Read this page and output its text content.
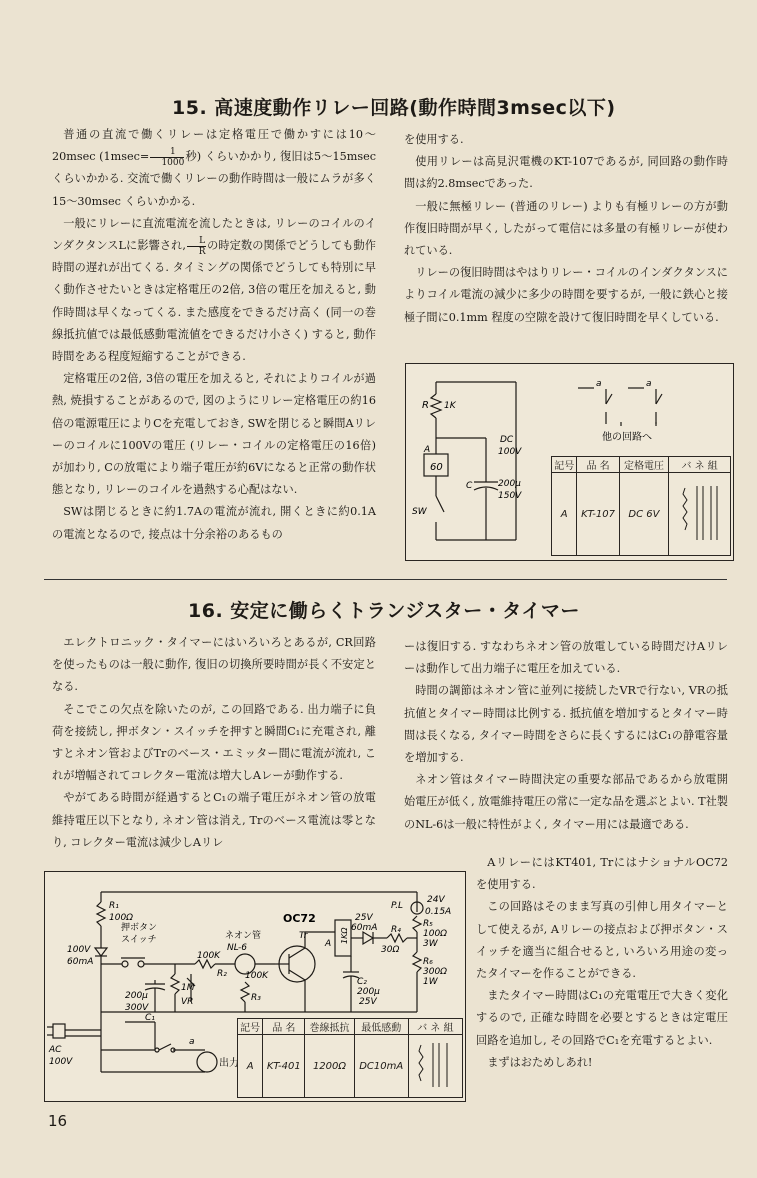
15. 高速度動作リレー回路(動作時間3msec以下)

普通の直流で働くリレーは定格電圧で働かすには10～20msec ($1msec= \frac{1}{1000}$ 秒) くらいかかり, 復旧は5～15msec くらいかかる. 交流で働くリレーの動作時間は一般にムラが多く15～30msec くらいかかる.

一般にリレーに直流電流を流したときは, リレーのコイルのインダクタンスLに影響され, $\frac{L}{R}$ の時定数の関係でどうしても動作時間の遅れが出てくる. タイミングの関係でどうしても特別に早く動作させたいときは定格電圧の2倍, 3倍の電圧を加えると, 動作時間は早くなってくる. また感度をできるだけ高く (同一の巻線抵抗値では最低感動電流値をできるだけ小さく) すると, 動作時間をある程度短縮することができる.

定格電圧の2倍, 3倍の電圧を加えると, それによりコイルが過熱, 焼損することがあるので, 図のようにリレー定格電圧の約16倍の電源電圧によりCを充電しておき, SWを閉じると瞬間Aリレーのコイルに100Vの電圧 (リレー・コイルの定格電圧の16倍) が加わり, Cの放電により端子電圧が約6Vになると正常の動作状態となり, リレーのコイルを過熱する心配はない.

SWは閉じるときに約1.7Aの電流が流れ, 開くときに約0.1Aの電流となるので, 接点は十分余裕のあるもの

を使用する.

使用リレーは高見沢電機のKT-107であるが, 同回路の動作時間は約2.8msecであった.

一般に無極リレー (普通のリレー) よりも有極リレーの方が動作復旧時間が早く, したがって電信には多量の有極リレーが使われている.

リレーの復旧時間はやはりリレー・コイルのインダクタンスによりコイル電流の減少に多少の時間を要するが, 一般に鉄心と接極子間に0.1mm 程度の空隙を設けて復旧時間を早くしている.

R 1K
DC
100V
A
60
C	200μ
150V
SW
a	a
他の回路へ
記号	品 名	定格電圧	バ ネ 組
A	KT-107	DC 6V	
16. 安定に働らくトランジスター・タイマー

エレクトロニック・タイマーにはいろいろとあるが, CR回路を使ったものは一般に動作, 復旧の切換所要時間が長く不安定となる.

そこでこの欠点を除いたのが, この回路である. 出力端子に負荷を接続し, 押ボタン・スイッチを押すと瞬間C₁に充電され, 離すとネオン管およびTrのベース・エミッター間に電流が流れ, これが増幅されてコレクター電流は増大しAレーが動作する.

やがてある時間が経過するとC₁の端子電圧がネオン管の放電維持電圧以下となり, ネオン管は消え, Trのベース電流は零となり, コレクター電流は減少しAリレ

ーは復旧する. すなわちネオン管の放電している時間だけAリレーは動作して出力端子に電圧を加えている.

時間の調節はネオン管に並列に接続したVRで行ない, VRの抵抗値とタイマー時間は比例する. 抵抗値を増加するとタイマー時間は長くなる, タイマー時間をさらに長くするにはC₁の静電容量を増加する.

ネオン管はタイマー時間決定の重要な部品であるから放電開始電圧が低く, 放電維持電圧の常に一定な品を選ぶとよい. T社製のNL-6は一般に特性がよく, タイマー用には最適である.

AリレーにはKT401, TrにはナショナルOC72を使用する.

この回路はそのまま写真の引伸し用タイマーとして使えるが, Aリレーの接点および押ボタン・スイッチを適当に組合せると, いろいろ用途の変ったタイマーを作ることができる.

またタイマー時間はC₁の充電電圧で大きく変化するので, 正確な時間を必要とするときは定電圧回路を追加し, その回路でC₁を充電するとよい.

まずはおためしあれ!

R₁
100Ω
押ボタン
スイッチ
100V
60mA
ネオン管
NL-6
100K
R₂
1M
VR
100K
R₃
200μ
300V
C₁
AC
100V
OC72
Tr
A 1KΩ
25V
60mA R₄
30Ω
C₂
200μ
25V
P.L
24V
0.15A
R₅
100Ω
3W
R₆
300Ω
1W
a
出力
記号	品 名	巻線抵抗	最低感動	バ ネ 組
A	KT-401	1200Ω	DC10mA	
16
